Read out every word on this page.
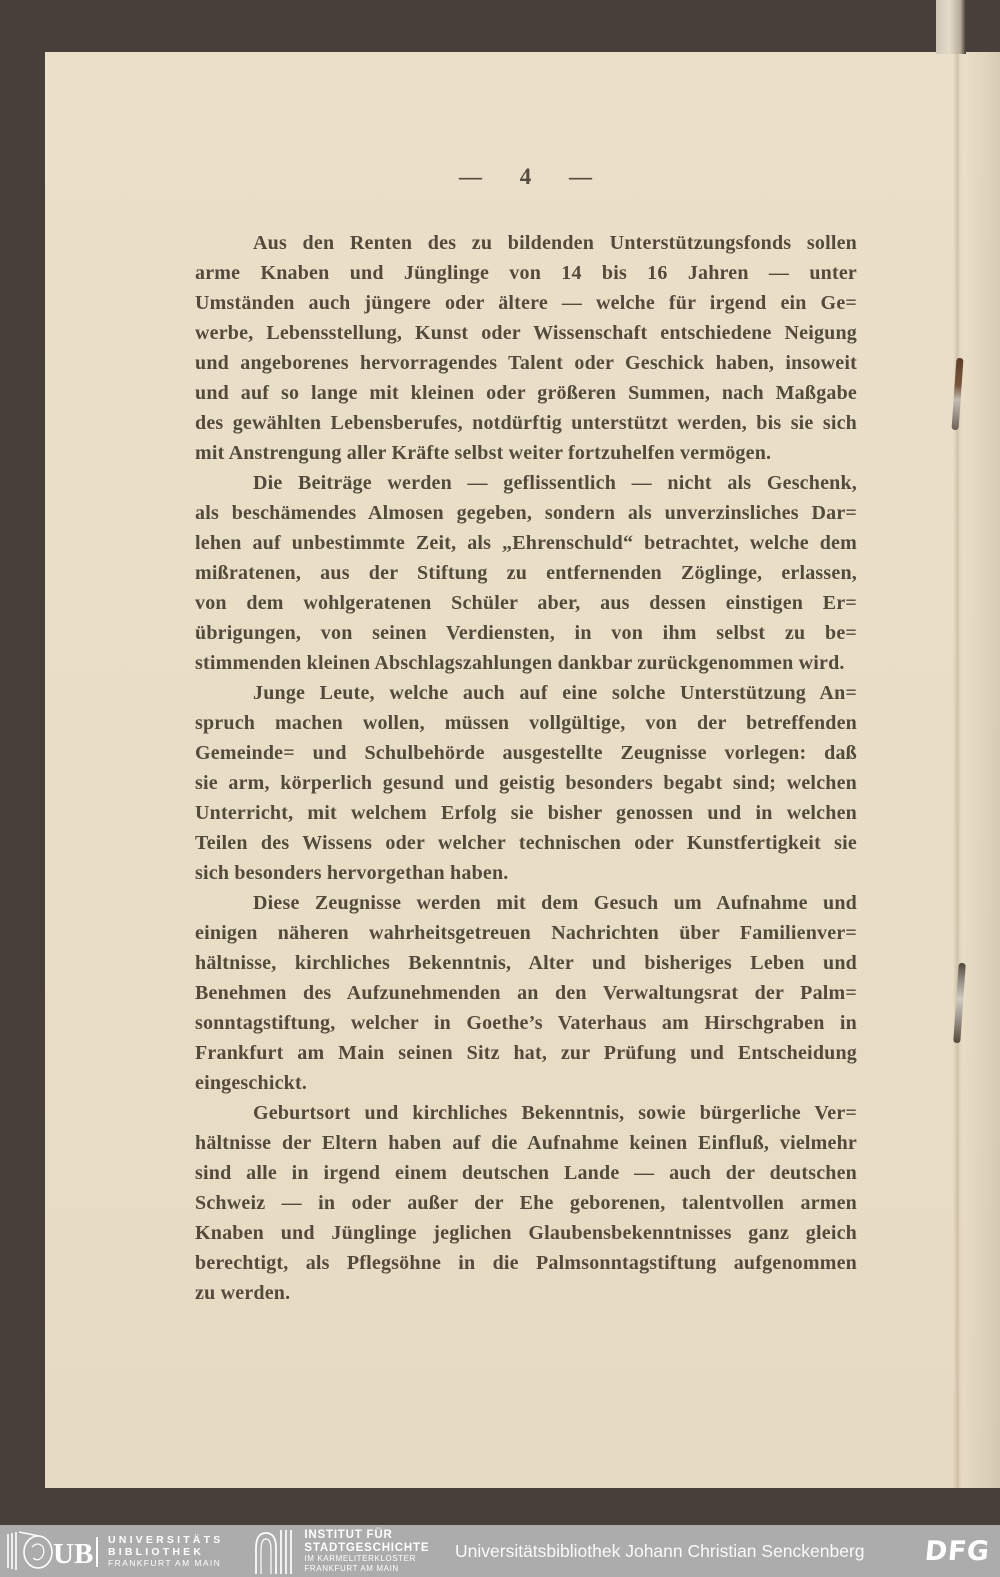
— 4 —
Aus den Renten des zu bildenden Unterstützungsfonds sollen
arme Knaben und Jünglinge von 14 bis 16 Jahren — unter
Umständen auch jüngere oder ältere — welche für irgend ein Ge=
werbe, Lebensstellung, Kunst oder Wissenschaft entschiedene Neigung
und angeborenes hervorragendes Talent oder Geschick haben, insoweit
und auf so lange mit kleinen oder größeren Summen, nach Maßgabe
des gewählten Lebensberufes, notdürftig unterstützt werden, bis sie sich
mit Anstrengung aller Kräfte selbst weiter fortzuhelfen vermögen.
Die Beiträge werden — geflissentlich — nicht als Geschenk,
als beschämendes Almosen gegeben, sondern als unverzinsliches Dar=
lehen auf unbestimmte Zeit, als „Ehrenschuld“ betrachtet, welche dem
mißratenen, aus der Stiftung zu entfernenden Zöglinge, erlassen,
von dem wohlgeratenen Schüler aber, aus dessen einstigen Er=
übrigungen, von seinen Verdiensten, in von ihm selbst zu be=
stimmenden kleinen Abschlagszahlungen dankbar zurückgenommen wird.
Junge Leute, welche auch auf eine solche Unterstützung An=
spruch machen wollen, müssen vollgültige, von der betreffenden
Gemeinde= und Schulbehörde ausgestellte Zeugnisse vorlegen: daß
sie arm, körperlich gesund und geistig besonders begabt sind; welchen
Unterricht, mit welchem Erfolg sie bisher genossen und in welchen
Teilen des Wissens oder welcher technischen oder Kunstfertigkeit sie
sich besonders hervorgethan haben.
Diese Zeugnisse werden mit dem Gesuch um Aufnahme und
einigen näheren wahrheitsgetreuen Nachrichten über Familienver=
hältnisse, kirchliches Bekenntnis, Alter und bisheriges Leben und
Benehmen des Aufzunehmenden an den Verwaltungsrat der Palm=
sonntagstiftung, welcher in Goethe’s Vaterhaus am Hirschgraben in
Frankfurt am Main seinen Sitz hat, zur Prüfung und Entscheidung
eingeschickt.
Geburtsort und kirchliches Bekenntnis, sowie bürgerliche Ver=
hältnisse der Eltern haben auf die Aufnahme keinen Einfluß, vielmehr
sind alle in irgend einem deutschen Lande — auch der deutschen
Schweiz — in oder außer der Ehe geborenen, talentvollen armen
Knaben und Jünglinge jeglichen Glaubensbekenntnisses ganz gleich
berechtigt, als Pflegsöhne in die Palmsonntagstiftung aufgenommen
zu werden.
UB UNIVERSITÄTS
BIBLIOTHEK
FRANKFURT AM MAIN
INSTITUT FÜR
STADTGESCHICHTE
IM KARMELITERKLOSTER
FRANKFURT AM MAIN
Universitätsbibliothek Johann Christian Senckenberg DFG
